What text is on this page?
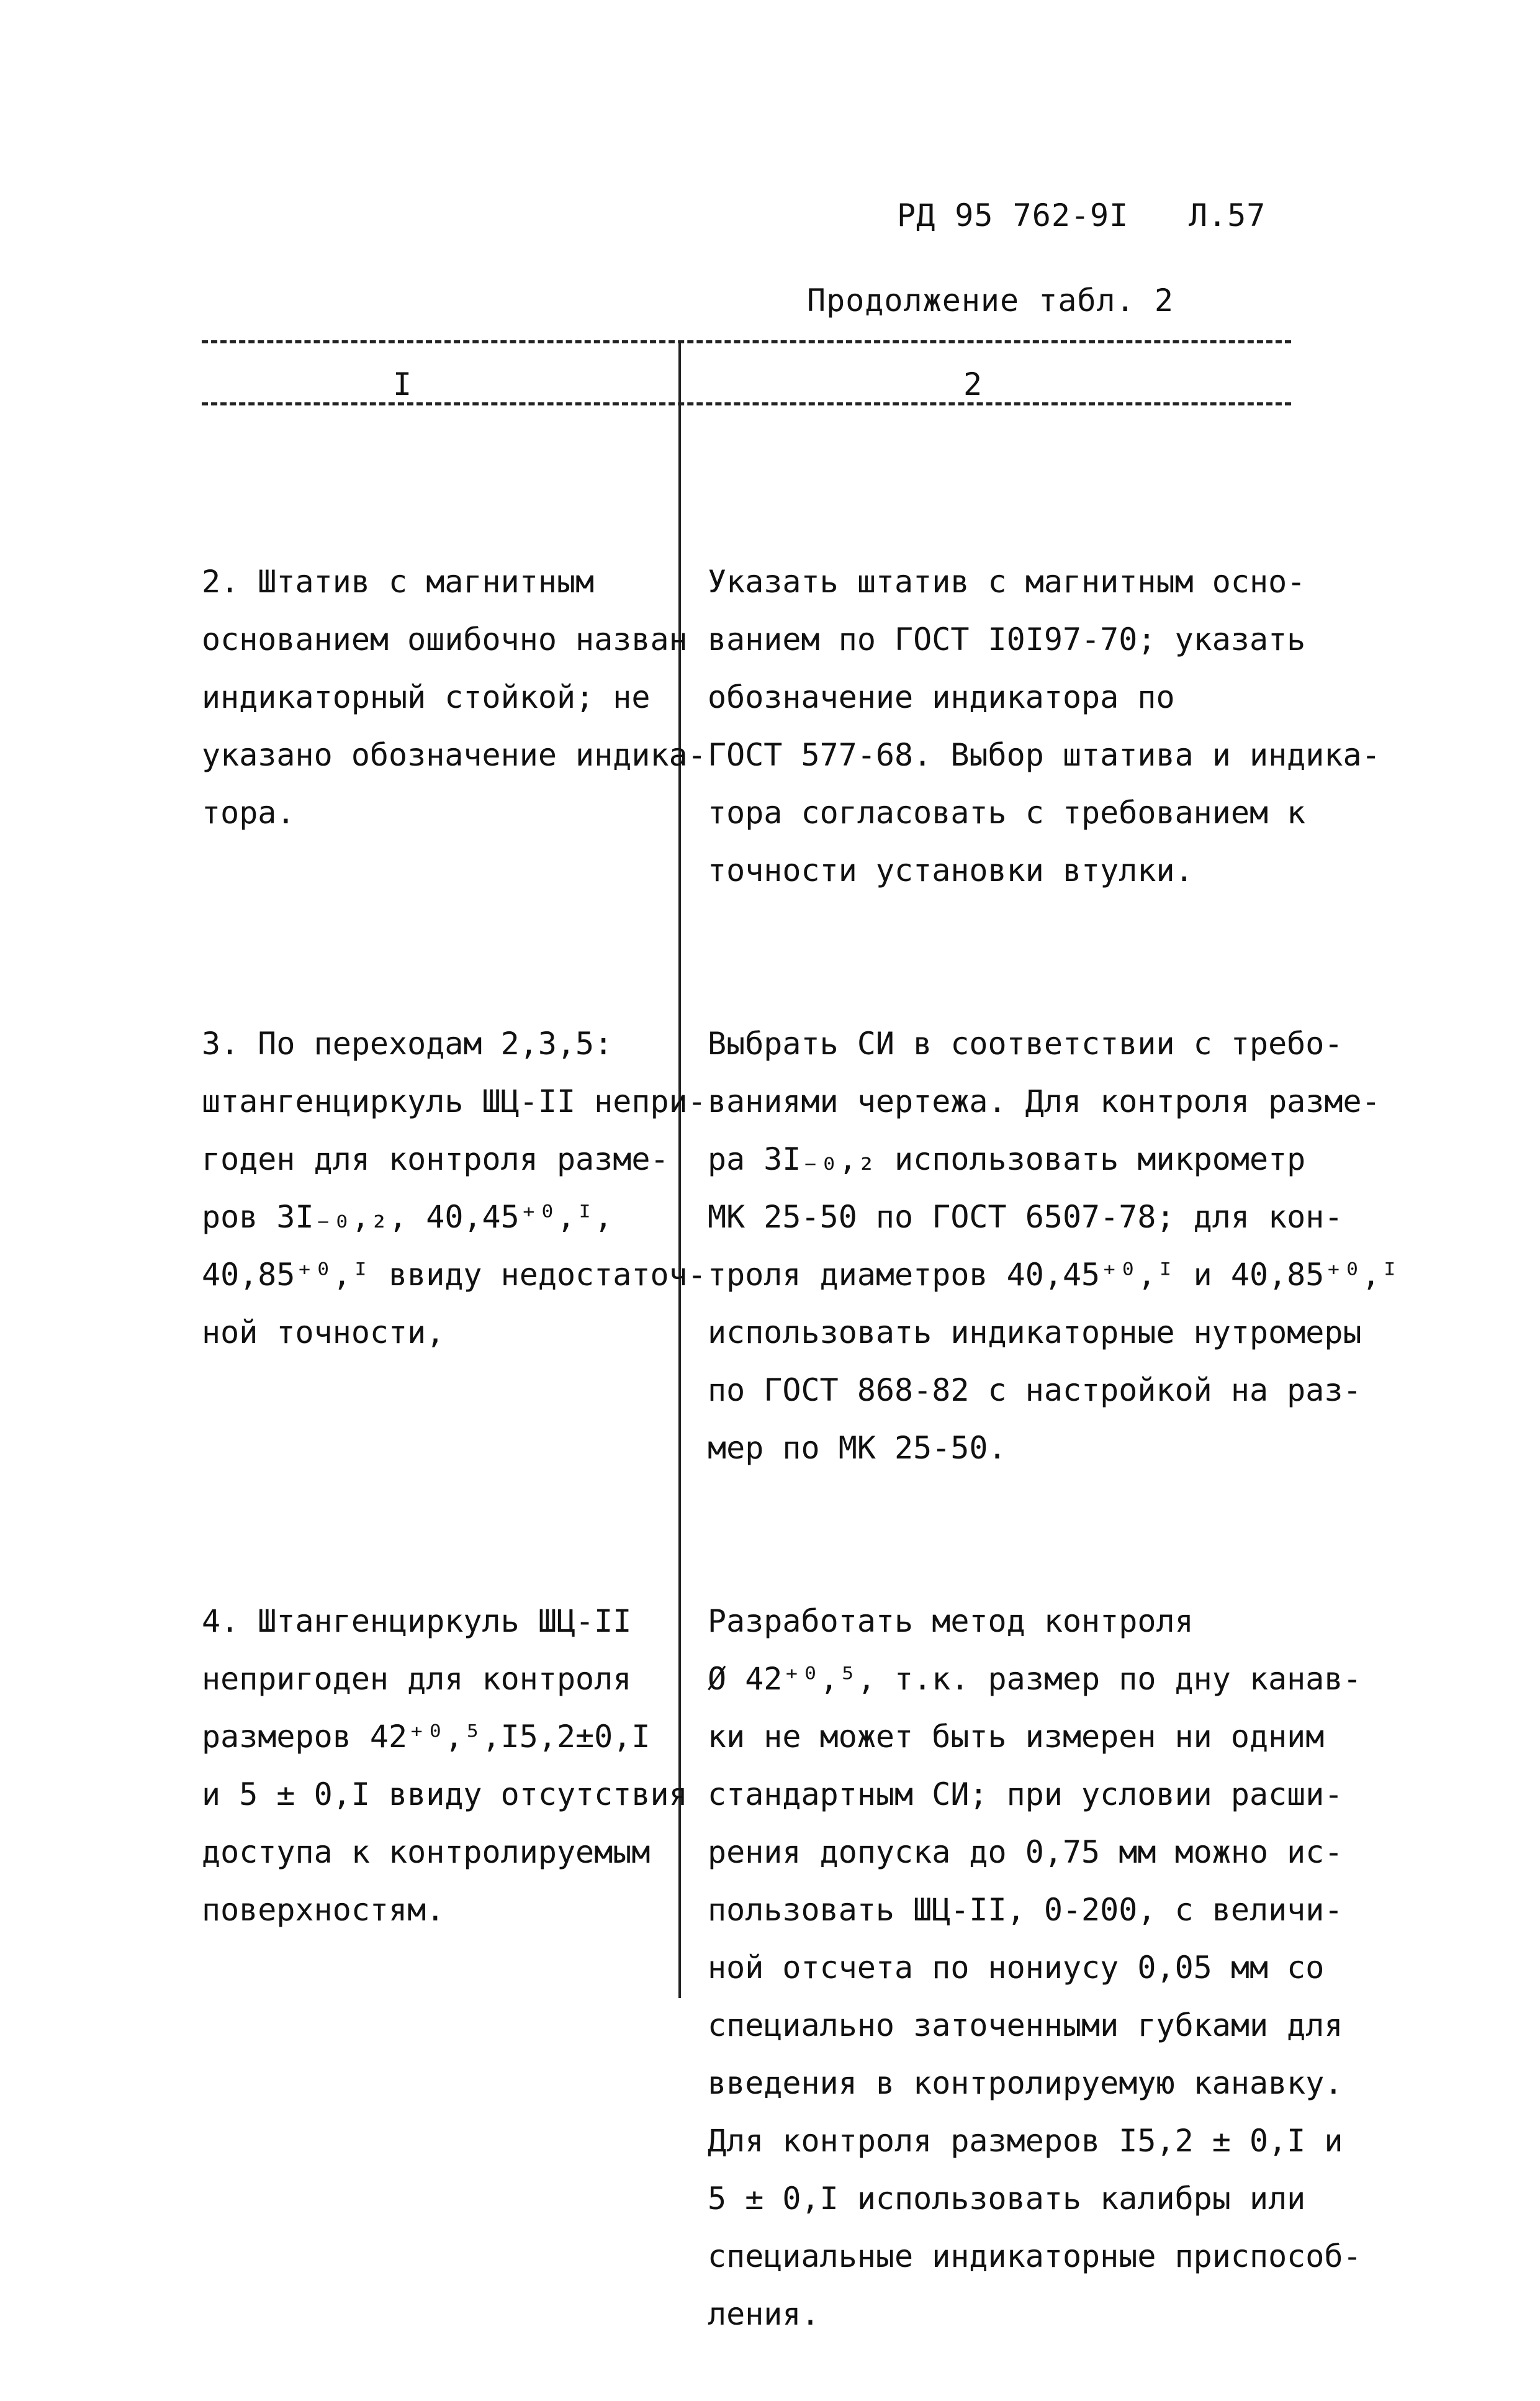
РД 95 762-9I Л.57
Продолжение табл. 2
I	2

2. Штатив с магнитным
основанием ошибочно назван
индикаторный стойкой; не
указано обозначение индика-
тора.

3. По переходам 2,3,5:
штангенциркуль ШЦ-II непри-
годен для контроля разме-
ров 3I₋₀,₂, 40,45⁺⁰,ᴵ,
40,85⁺⁰,ᴵ ввиду недостаточ-
ной точности,

4. Штангенциркуль ШЦ-II
непригоден для контроля
размеров 42⁺⁰,⁵,I5,2±0,I
и 5 ± 0,I ввиду отсутствия
доступа к контролируемым
поверхностям.

Указать штатив с магнитным осно-
ванием по ГОСТ I0I97-70; указать
обозначение индикатора по
ГОСТ 577-68. Выбор штатива и индика-
тора согласовать с требованием к
точности установки втулки.

Выбрать СИ в соответствии с требо-
ваниями чертежа. Для контроля разме-
ра 3I₋₀,₂ использовать микрометр
МК 25-50 по ГОСТ 6507-78; для кон-
троля диаметров 40,45⁺⁰,ᴵ и 40,85⁺⁰,ᴵ
использовать индикаторные нутромеры
по ГОСТ 868-82 с настройкой на раз-
мер по МК 25-50.

Разработать метод контроля
Ø 42⁺⁰,⁵, т.к. размер по дну канав-
ки не может быть измерен ни одним
стандартным СИ; при условии расши-
рения допуска до 0,75 мм можно ис-
пользовать ШЦ-II, 0-200, с величи-
ной отсчета по нониусу 0,05 мм со
специально заточенными губками для
введения в контролируемую канавку.
Для контроля размеров I5,2 ± 0,I и
5 ± 0,I использовать калибры или
специальные индикаторные приспособ-
ления.
